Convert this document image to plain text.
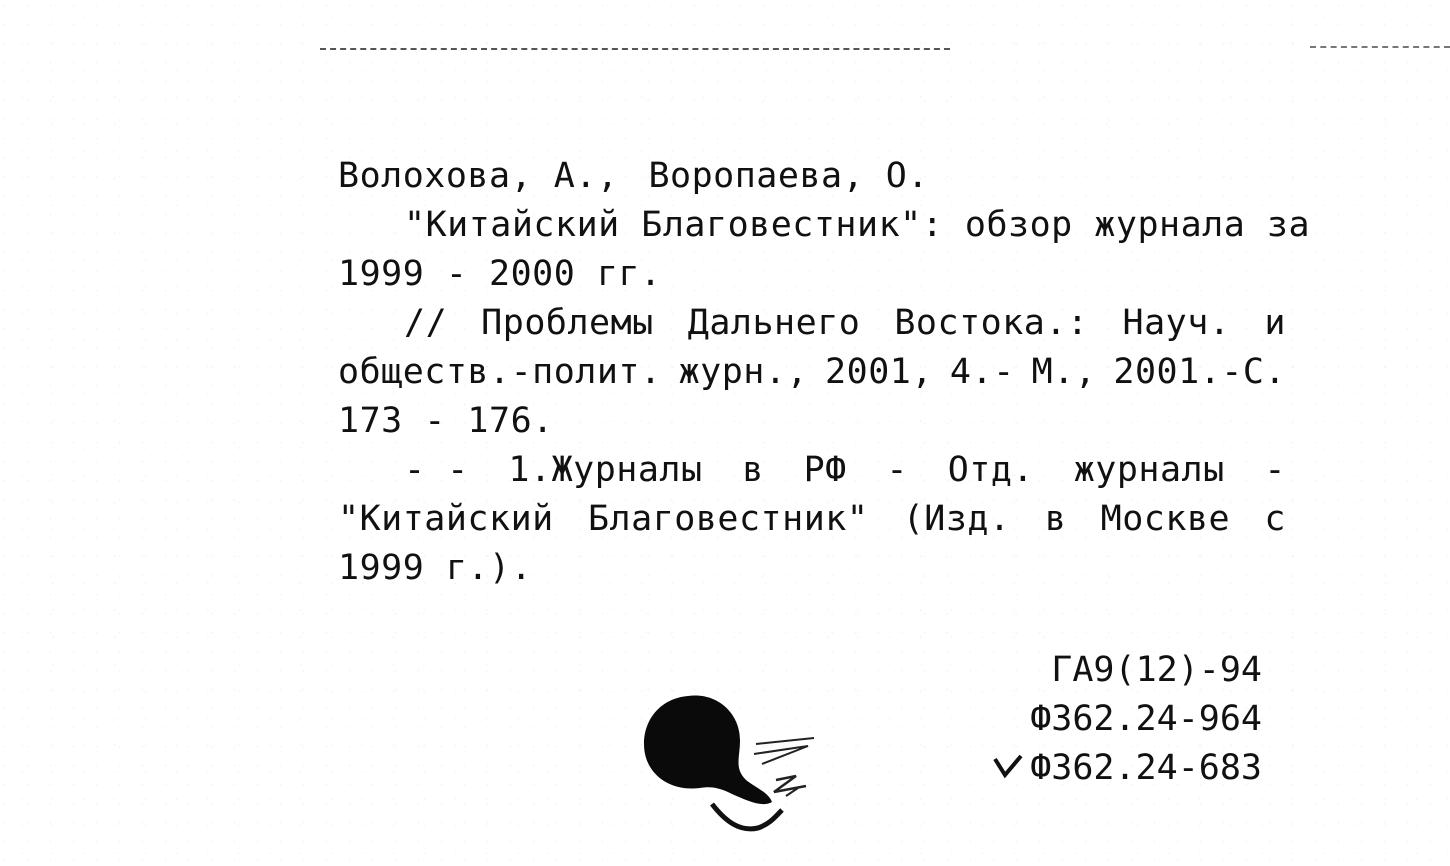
Волохова, А., Воропаева, О.
"Китайский Благовестник": обзор журнала за
1999 - 2000 гг.
// Проблемы Дальнего Востока.: Науч. и
обществ.-полит. журн., 2001, 4.- М., 2001.-С.
173 - 176.
- - 1.Журналы в РФ - Отд. журналы -
"Китайский Благовестник" (Изд. в Москве с
1999 г.).
ГА9(12)-94
Ф362.24-964
Ф362.24-683
